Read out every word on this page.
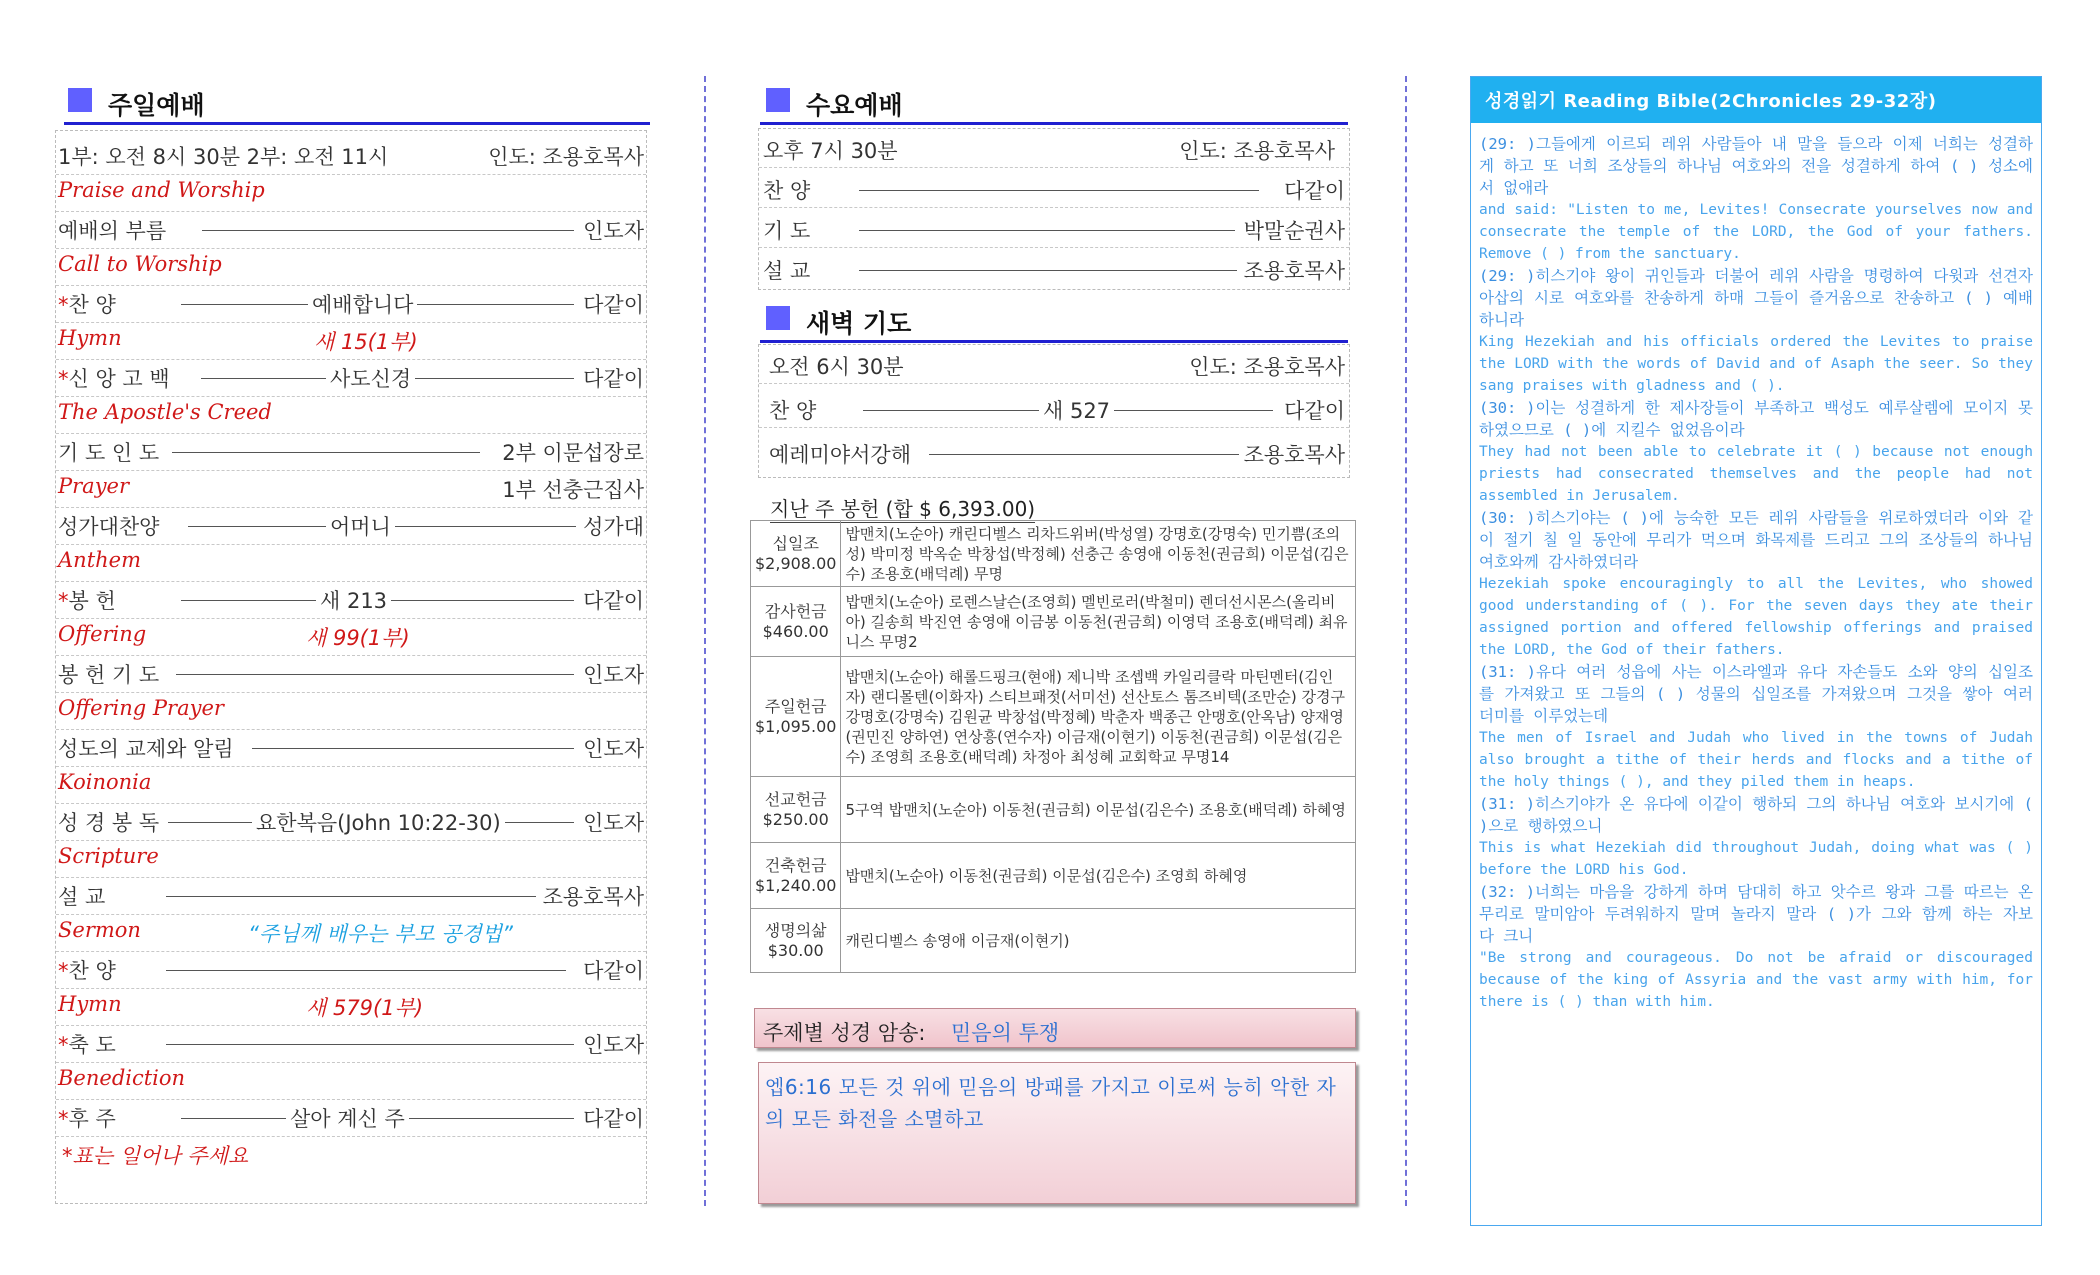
주일예배
1부: 오전 8시 30분 2부: 오전 11시	인도: 조용호목사
Praise and Worship
예배의 부름	인도자
Call to Worship
*찬 양	예배합니다	다같이
Hymn	새 15(1부)
*신 앙 고 백	사도신경	다같이
The Apostle's Creed
기 도 인 도	2부 이문섭장로
Prayer	1부 선충근집사
성가대찬양	어머니	성가대
Anthem
*봉 헌	새 213	다같이
Offering	새 99(1부)
봉 헌 기 도	인도자
Offering Prayer
성도의 교제와 알림	인도자
Koinonia
성 경 봉 독	요한복음(John 10:22-30)	인도자
Scripture
설 교	조용호목사
Sermon	“주님께 배우는 부모 공경법”
*찬 양	다같이
Hymn	새 579(1부)
*축 도	인도자
Benediction
*후 주	살아 계신 주	다같이
*표는 일어나 주세요
수요예배
오후 7시 30분	인도: 조용호목사
찬 양	다같이
기 도	박말순권사
설 교	조용호목사
새벽 기도
오전 6시 30분	인도: 조용호목사
찬 양	새 527	다같이
예레미야서강해	조용호목사
지난 주 봉헌 (합 $ 6,393.00)
십일조
$2,908.00	밥맨치(노순아) 캐린디벨스 리차드위버(박성열) 강명호(강명숙) 민기쁨(조의성) 박미정 박옥순 박창섭(박정혜) 선충근 송영애 이동천(권금희) 이문섭(김은수) 조용호(배덕례) 무명

감사헌금
$460.00	밥맨치(노순아) 로렌스날슨(조영희) 멜빈로러(박철미) 렌더선시몬스(올리비아) 길송희 박진연 송영애 이금봉 이동천(권금희) 이영덕 조용호(배덕례) 최유니스 무명2

주일헌금
$1,095.00	밥맨치(노순아) 해롤드핑크(현애) 제니박 조셉백 카일리클락 마틴멘터(김인자) 랜디몰텐(이화자) 스티브패젓(서미선) 선산토스 톰즈비텍(조만순) 강경구 강명호(강명숙) 김원균 박창섭(박정혜) 박춘자 백종근 안맹호(안옥남) 양재영(권민진 양하연) 연상흥(연수자) 이금재(이현기) 이동천(권금희) 이문섭(김은수) 조영희 조용호(배덕례) 차정아 최성혜 교회학교 무명14

선교헌금
$250.00	5구역 밥맨치(노순아) 이동천(권금희) 이문섭(김은수) 조용호(배덕례) 하혜영

건축헌금
$1,240.00	밥맨치(노순아) 이동천(권금희) 이문섭(김은수) 조영희 하혜영

생명의삶
$30.00	캐린디벨스 송영애 이금재(이현기)
주제별 성경 암송: 믿음의 투쟁
엡6:16 모든 것 위에 믿음의 방패를 가지고 이로써 능히 악한 자의 모든 화전을 소멸하고
성경읽기 Reading Bible(2Chronicles 29-32장)

(29: )그들에게 이르되 레위 사람들아 내 말을 들으라 이제 너희는 성결하게 하고 또 너희 조상들의 하나님 여호와의 전을 성결하게 하여 ( ) 성소에서 없애라

and said: "Listen to me, Levites! Consecrate yourselves now and consecrate the temple of the LORD, the God of your fathers. Remove ( ) from the sanctuary.

(29: )히스기야 왕이 귀인들과 더불어 레위 사람을 명령하여 다윗과 선견자 아삽의 시로 여호와를 찬송하게 하매 그들이 즐거움으로 찬송하고 ( ) 예배하니라

King Hezekiah and his officials ordered the Levites to praise the LORD with the words of David and of Asaph the seer. So they sang praises with gladness and ( ).

(30: )이는 성결하게 한 제사장들이 부족하고 백성도 예루살렘에 모이지 못하였으므로 ( )에 지킬수 없었음이라

They had not been able to celebrate it ( ) because not enough priests had consecrated themselves and the people had not assembled in Jerusalem.

(30: )히스기야는 ( )에 능숙한 모든 레위 사람들을 위로하였더라 이와 같이 절기 칠 일 동안에 무리가 먹으며 화목제를 드리고 그의 조상들의 하나님 여호와께 감사하였더라

Hezekiah spoke encouragingly to all the Levites, who showed good understanding of ( ). For the seven days they ate their assigned portion and offered fellowship offerings and praised the LORD, the God of their fathers.

(31: )유다 여러 성읍에 사는 이스라엘과 유다 자손들도 소와 양의 십일조를 가져왔고 또 그들의 ( ) 성물의 십일조를 가져왔으며 그것을 쌓아 여러 더미를 이루었는데

The men of Israel and Judah who lived in the towns of Judah also brought a tithe of their herds and flocks and a tithe of the holy things ( ), and they piled them in heaps.

(31: )히스기야가 온 유다에 이같이 행하되 그의 하나님 여호와 보시기에 ( )으로 행하였으니

This is what Hezekiah did throughout Judah, doing what was ( ) before the LORD his God.

(32: )너희는 마음을 강하게 하며 담대히 하고 앗수르 왕과 그를 따르는 온 무리로 말미암아 두려워하지 말며 놀라지 말라 ( )가 그와 함께 하는 자보다 크니

"Be strong and courageous. Do not be afraid or discouraged because of the king of Assyria and the vast army with him, for there is ( ) than with him.
